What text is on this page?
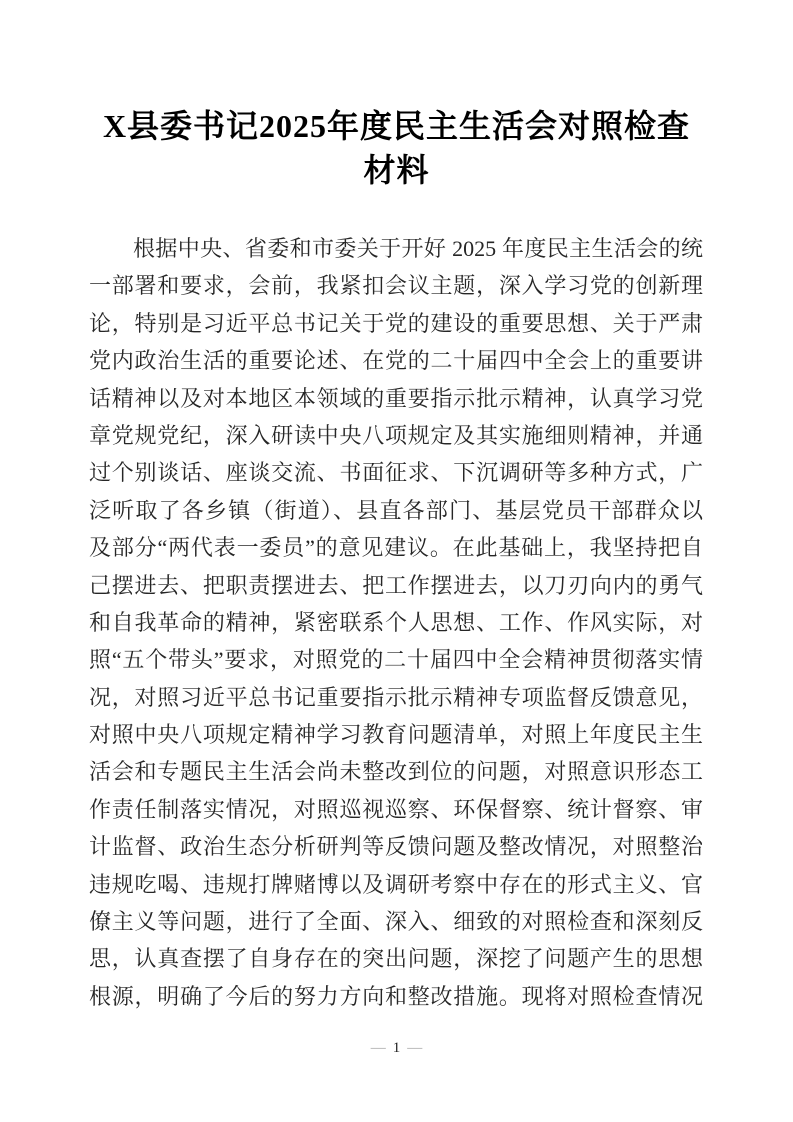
X县委书记2025年度民主生活会对照检查
材料
根据中央、省委和市委关于开好 2025 年度民主生活会的统
一部署和要求，会前，我紧扣会议主题，深入学习党的创新理
论，特别是习近平总书记关于党的建设的重要思想、关于严肃
党内政治生活的重要论述、在党的二十届四中全会上的重要讲
话精神以及对本地区本领域的重要指示批示精神，认真学习党
章党规党纪，深入研读中央八项规定及其实施细则精神，并通
过个别谈话、座谈交流、书面征求、下沉调研等多种方式，广
泛听取了各乡镇（街道）、县直各部门、基层党员干部群众以
及部分“两代表一委员”的意见建议。在此基础上，我坚持把自
己摆进去、把职责摆进去、把工作摆进去，以刀刃向内的勇气
和自我革命的精神，紧密联系个人思想、工作、作风实际，对
照“五个带头”要求，对照党的二十届四中全会精神贯彻落实情
况，对照习近平总书记重要指示批示精神专项监督反馈意见，
对照中央八项规定精神学习教育问题清单，对照上年度民主生
活会和专题民主生活会尚未整改到位的问题，对照意识形态工
作责任制落实情况，对照巡视巡察、环保督察、统计督察、审
计监督、政治生态分析研判等反馈问题及整改情况，对照整治
违规吃喝、违规打牌赌博以及调研考察中存在的形式主义、官
僚主义等问题，进行了全面、深入、细致的对照检查和深刻反
思，认真查摆了自身存在的突出问题，深挖了问题产生的思想
根源，明确了今后的努力方向和整改措施。现将对照检查情况
— 1 —
